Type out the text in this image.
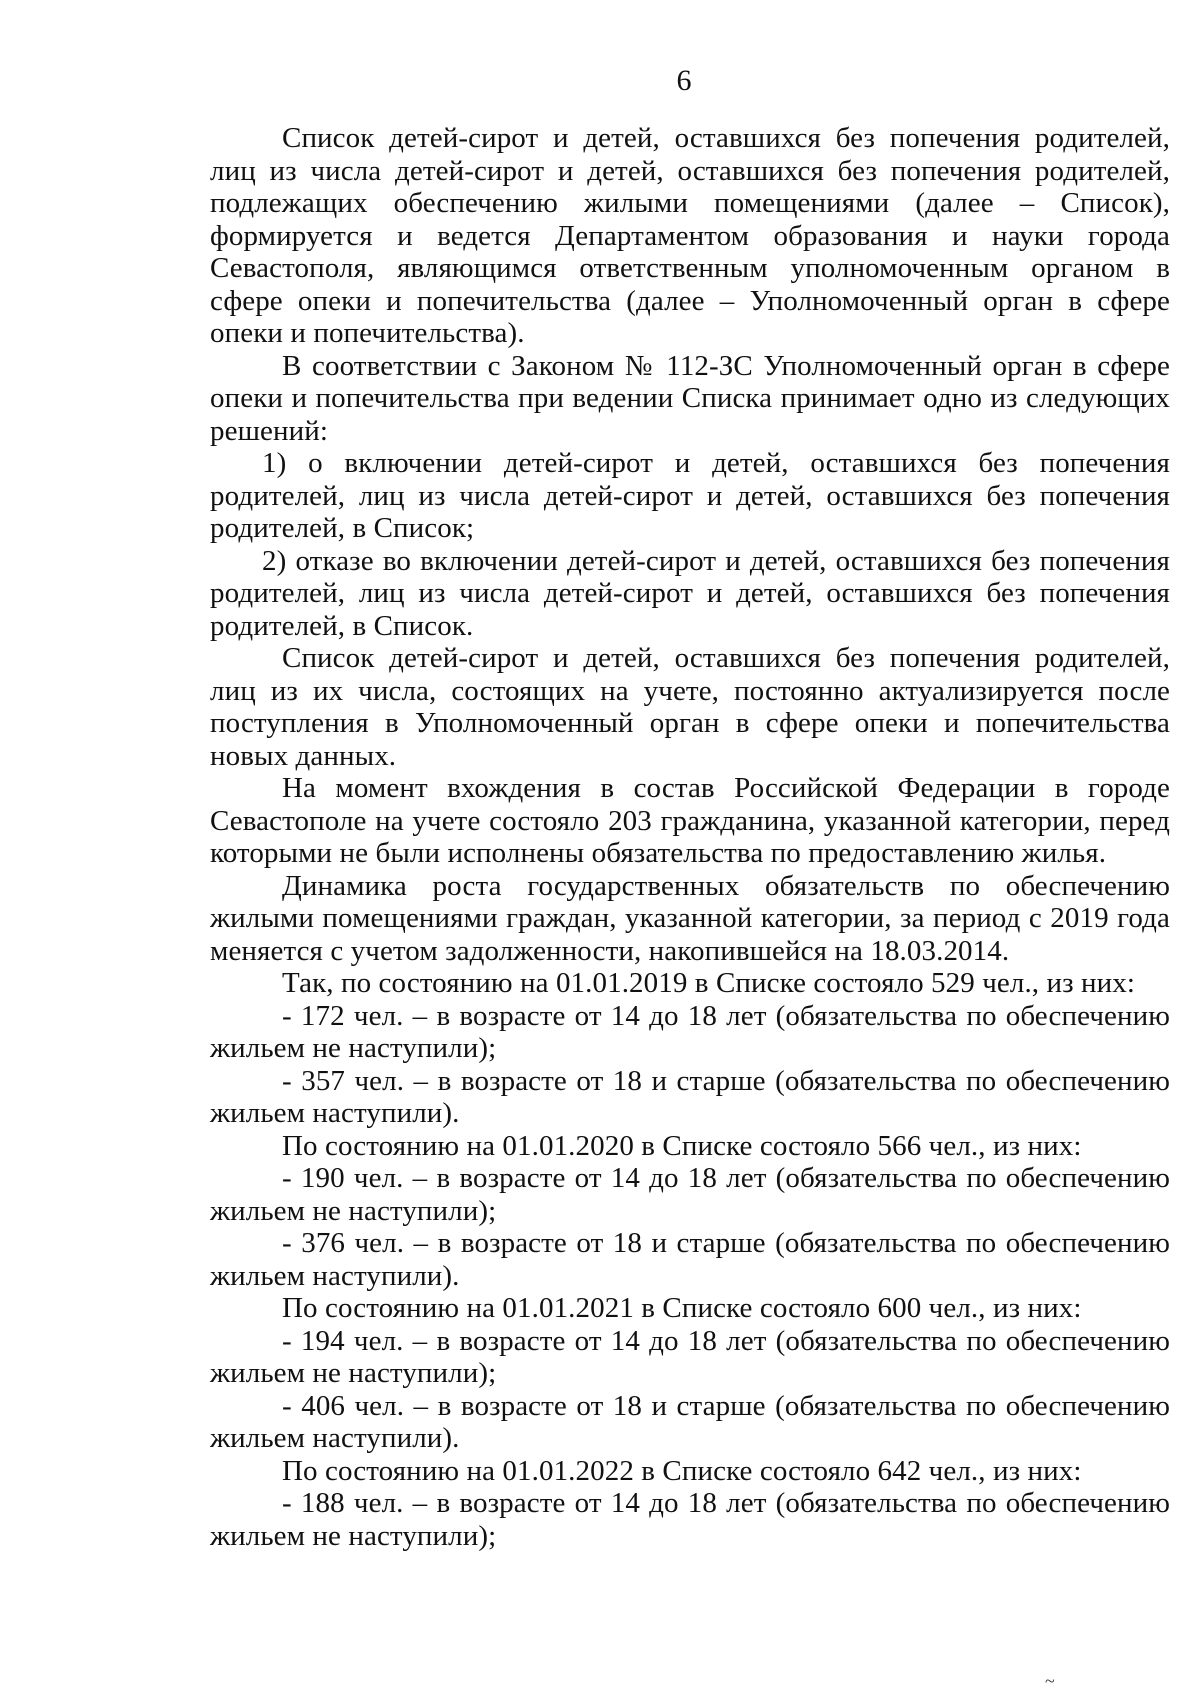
6

Список детей-сирот и детей, оставшихся без попечения родителей, лиц из числа детей-сирот и детей, оставшихся без попечения родителей, подлежащих обеспечению жилыми помещениями (далее – Список), формируется и ведется Департаментом образования и науки города Севастополя, являющимся ответственным уполномоченным органом в сфере опеки и попечительства (далее – Уполномоченный орган в сфере опеки и попечительства).

В соответствии с Законом № 112-ЗС Уполномоченный орган в сфере опеки и попечительства при ведении Списка принимает одно из следующих решений:

1) о включении детей-сирот и детей, оставшихся без попечения родителей, лиц из числа детей-сирот и детей, оставшихся без попечения родителей, в Список;

2) отказе во включении детей-сирот и детей, оставшихся без попечения родителей, лиц из числа детей-сирот и детей, оставшихся без попечения родителей, в Список.

Список детей-сирот и детей, оставшихся без попечения родителей, лиц из их числа, состоящих на учете, постоянно актуализируется после поступления в Уполномоченный орган в сфере опеки и попечительства новых данных.

На момент вхождения в состав Российской Федерации в городе Севастополе на учете состояло 203 гражданина, указанной категории, перед которыми не были исполнены обязательства по предоставлению жилья.

Динамика роста государственных обязательств по обеспечению жилыми помещениями граждан, указанной категории, за период с 2019 года меняется с учетом задолженности, накопившейся на 18.03.2014.

Так, по состоянию на 01.01.2019 в Списке состояло 529 чел., из них:

- 172 чел. – в возрасте от 14 до 18 лет (обязательства по обеспечению жильем не наступили);

- 357 чел. – в возрасте от 18 и старше (обязательства по обеспечению жильем наступили).

По состоянию на 01.01.2020 в Списке состояло 566 чел., из них:

- 190 чел. – в возрасте от 14 до 18 лет (обязательства по обеспечению жильем не наступили);

- 376 чел. – в возрасте от 18 и старше (обязательства по обеспечению жильем наступили).

По состоянию на 01.01.2021 в Списке состояло 600 чел., из них:

- 194 чел. – в возрасте от 14 до 18 лет (обязательства по обеспечению жильем не наступили);

- 406 чел. – в возрасте от 18 и старше (обязательства по обеспечению жильем наступили).

По состоянию на 01.01.2022 в Списке состояло 642 чел., из них:

- 188 чел. – в возрасте от 14 до 18 лет (обязательства по обеспечению жильем не наступили);

~
